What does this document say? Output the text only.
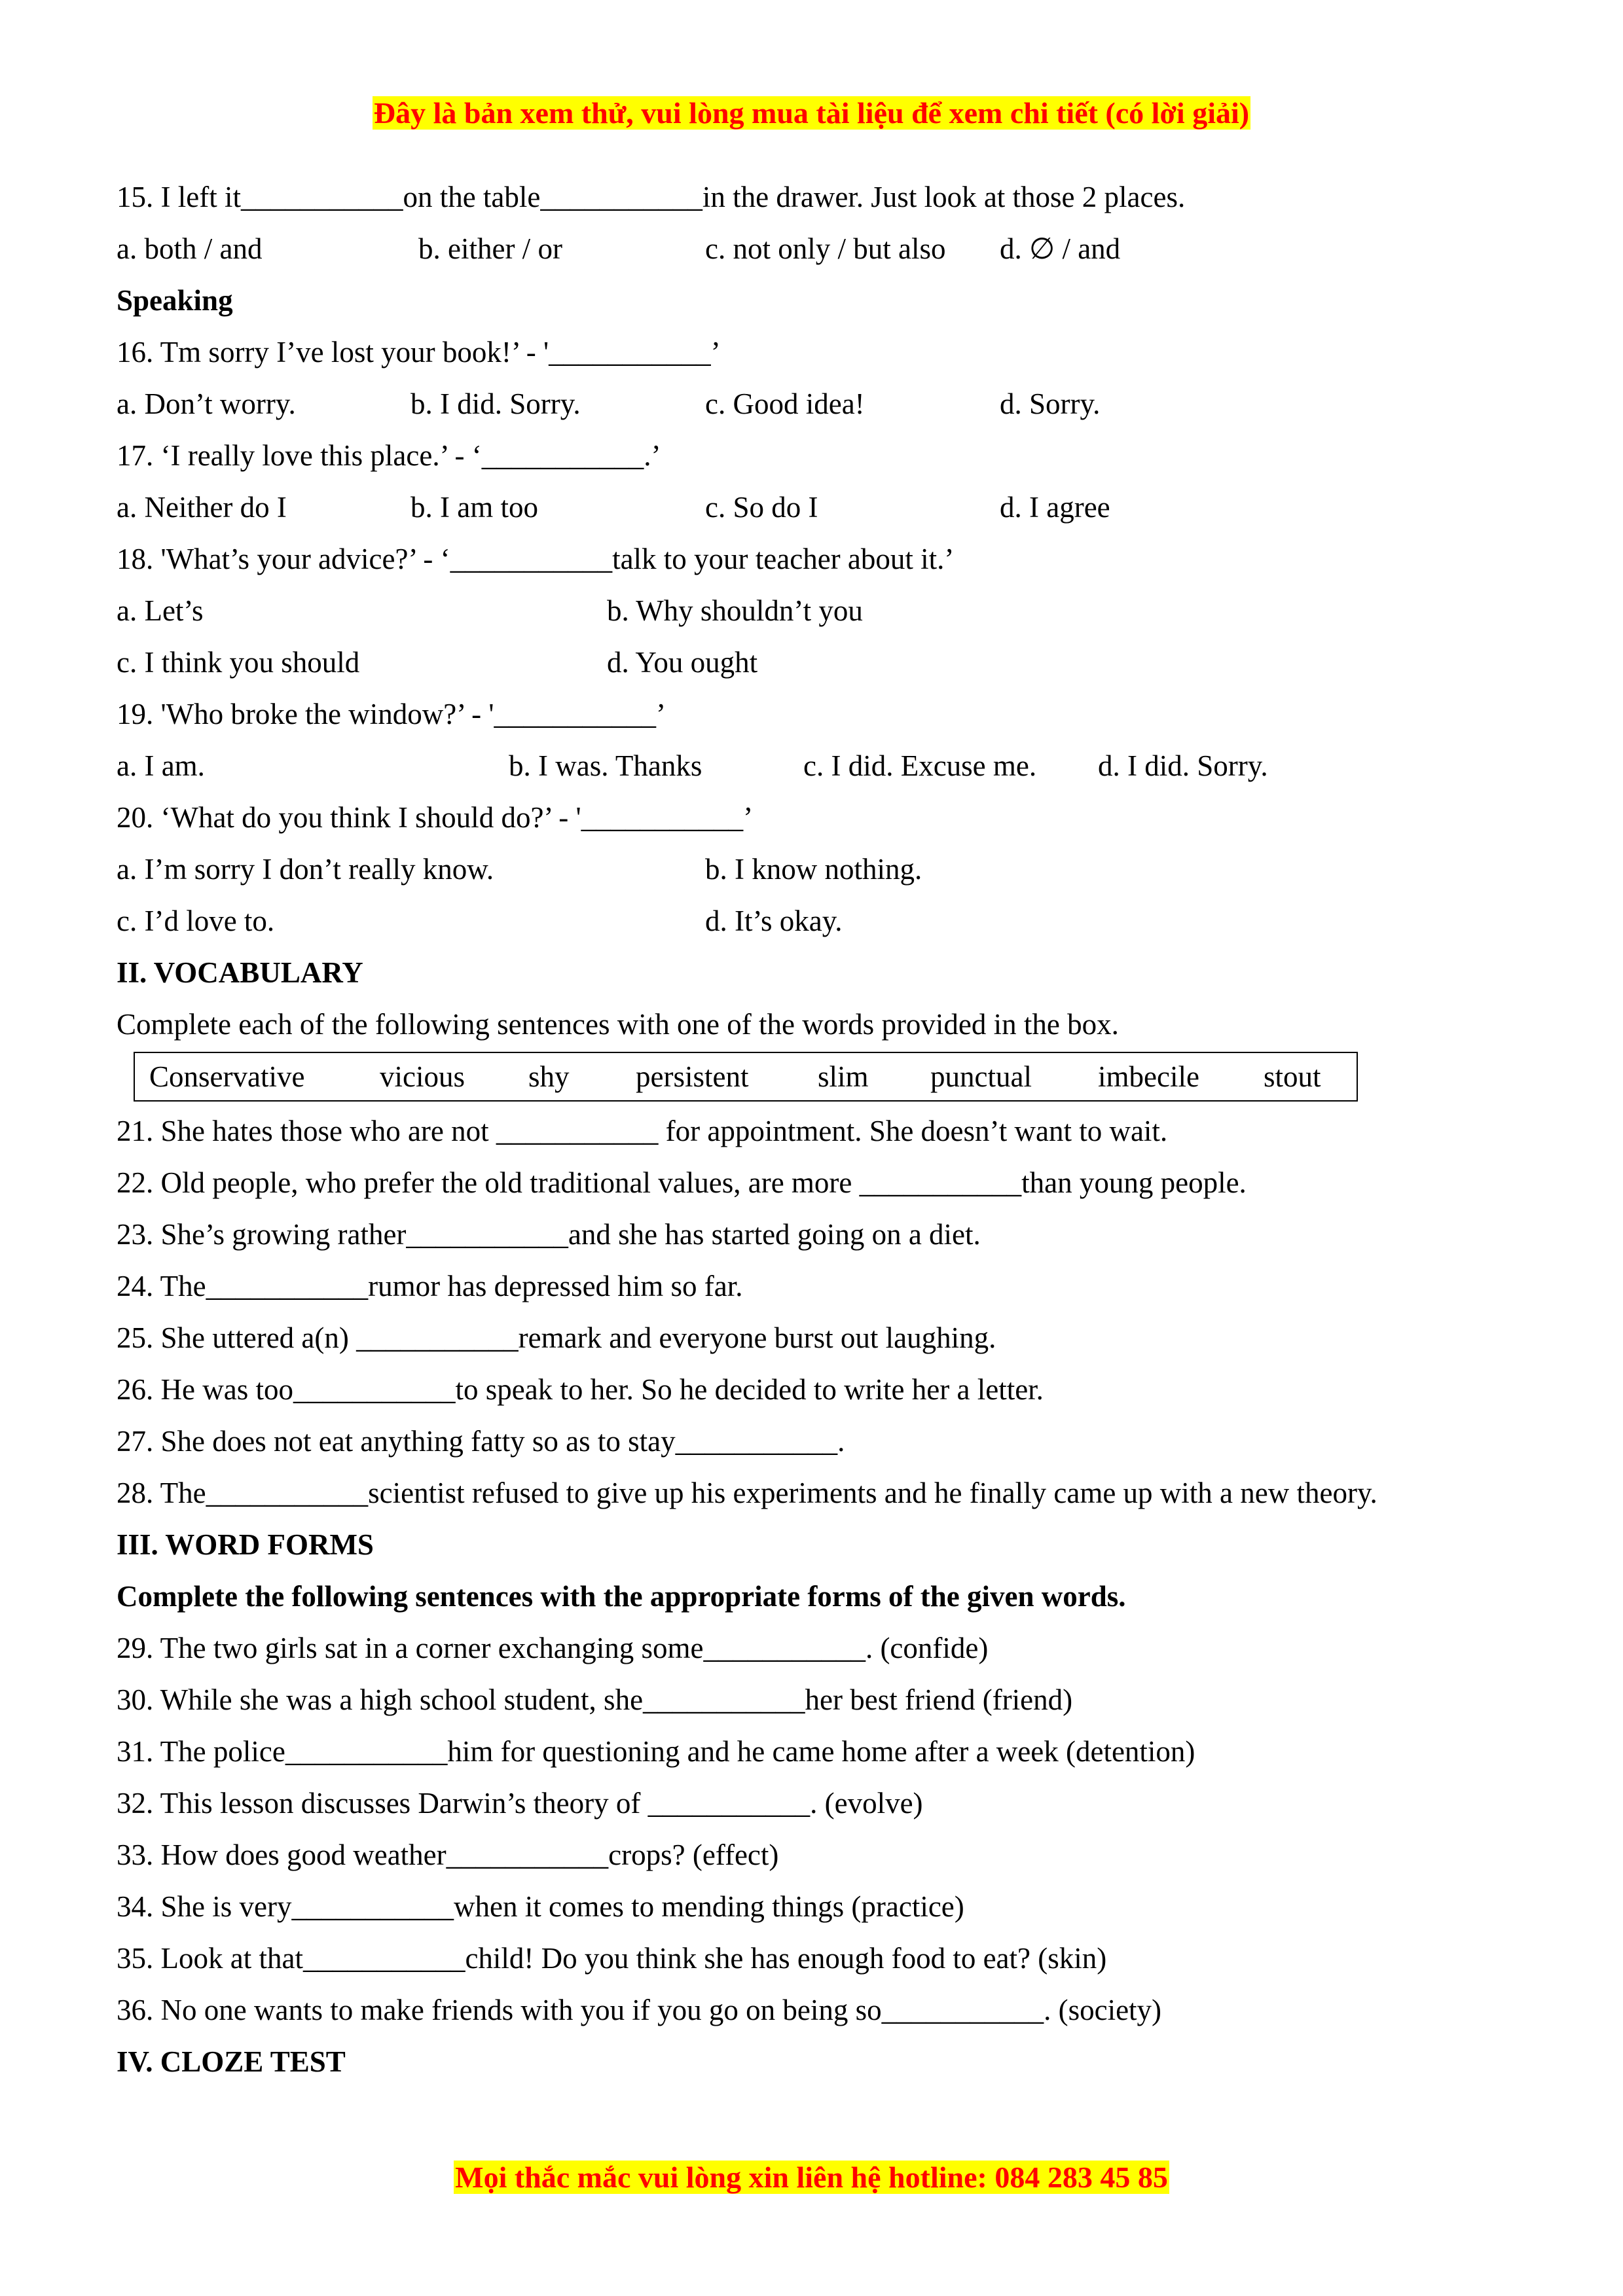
Đây là bản xem thử, vui lòng mua tài liệu để xem chi tiết (có lời giải)
15. I left it___________on the table___________in the drawer. Just look at those 2 places.
a. both / and	b. either / or	c. not only / but also d. ∅ / and
Speaking
16. Tm sorry I’ve lost your book!’ - '___________’
a. Don’t worry.	b. I did. Sorry.	c. Good idea!	d. Sorry.
17. ‘I really love this place.’ - ‘___________.’
a. Neither do I	b. I am too	c. So do I	d. I agree
18. 'What’s your advice?’ - ‘___________talk to your teacher about it.’
a. Let’s	b. Why shouldn’t you
c. I think you should	d. You ought
19. 'Who broke the window?’ - '___________’
a. I am.	b. I was. Thanks	c. I did. Excuse me. d. I did. Sorry.
20. ‘What do you think I should do?’ - '___________’
a. I’m sorry I don’t really know.	b. I know nothing.
c. I’d love to.	d. It’s okay.
II. VOCABULARY
Complete each of the following sentences with one of the words provided in the box.
Conservative	vicious shy persistent slim punctual imbecile stout
21. She hates those who are not ___________ for appointment. She doesn’t want to wait.
22. Old people, who prefer the old traditional values, are more ___________than young people.
23. She’s growing rather___________and she has started going on a diet.
24. The___________rumor has depressed him so far.
25. She uttered a(n) ___________remark and everyone burst out laughing.
26. He was too___________to speak to her. So he decided to write her a letter.
27. She does not eat anything fatty so as to stay___________.
28. The___________scientist refused to give up his experiments and he finally came up with a new theory.
III. WORD FORMS
Complete the following sentences with the appropriate forms of the given words.
29. The two girls sat in a corner exchanging some___________. (confide)
30. While she was a high school student, she___________her best friend (friend)
31. The police___________him for questioning and he came home after a week (detention)
32. This lesson discusses Darwin’s theory of ___________. (evolve)
33. How does good weather___________crops? (effect)
34. She is very___________when it comes to mending things (practice)
35. Look at that___________child! Do you think she has enough food to eat? (skin)
36. No one wants to make friends with you if you go on being so___________. (society)
IV. CLOZE TEST
Mọi thắc mắc vui lòng xin liên hệ hotline: 084 283 45 85
